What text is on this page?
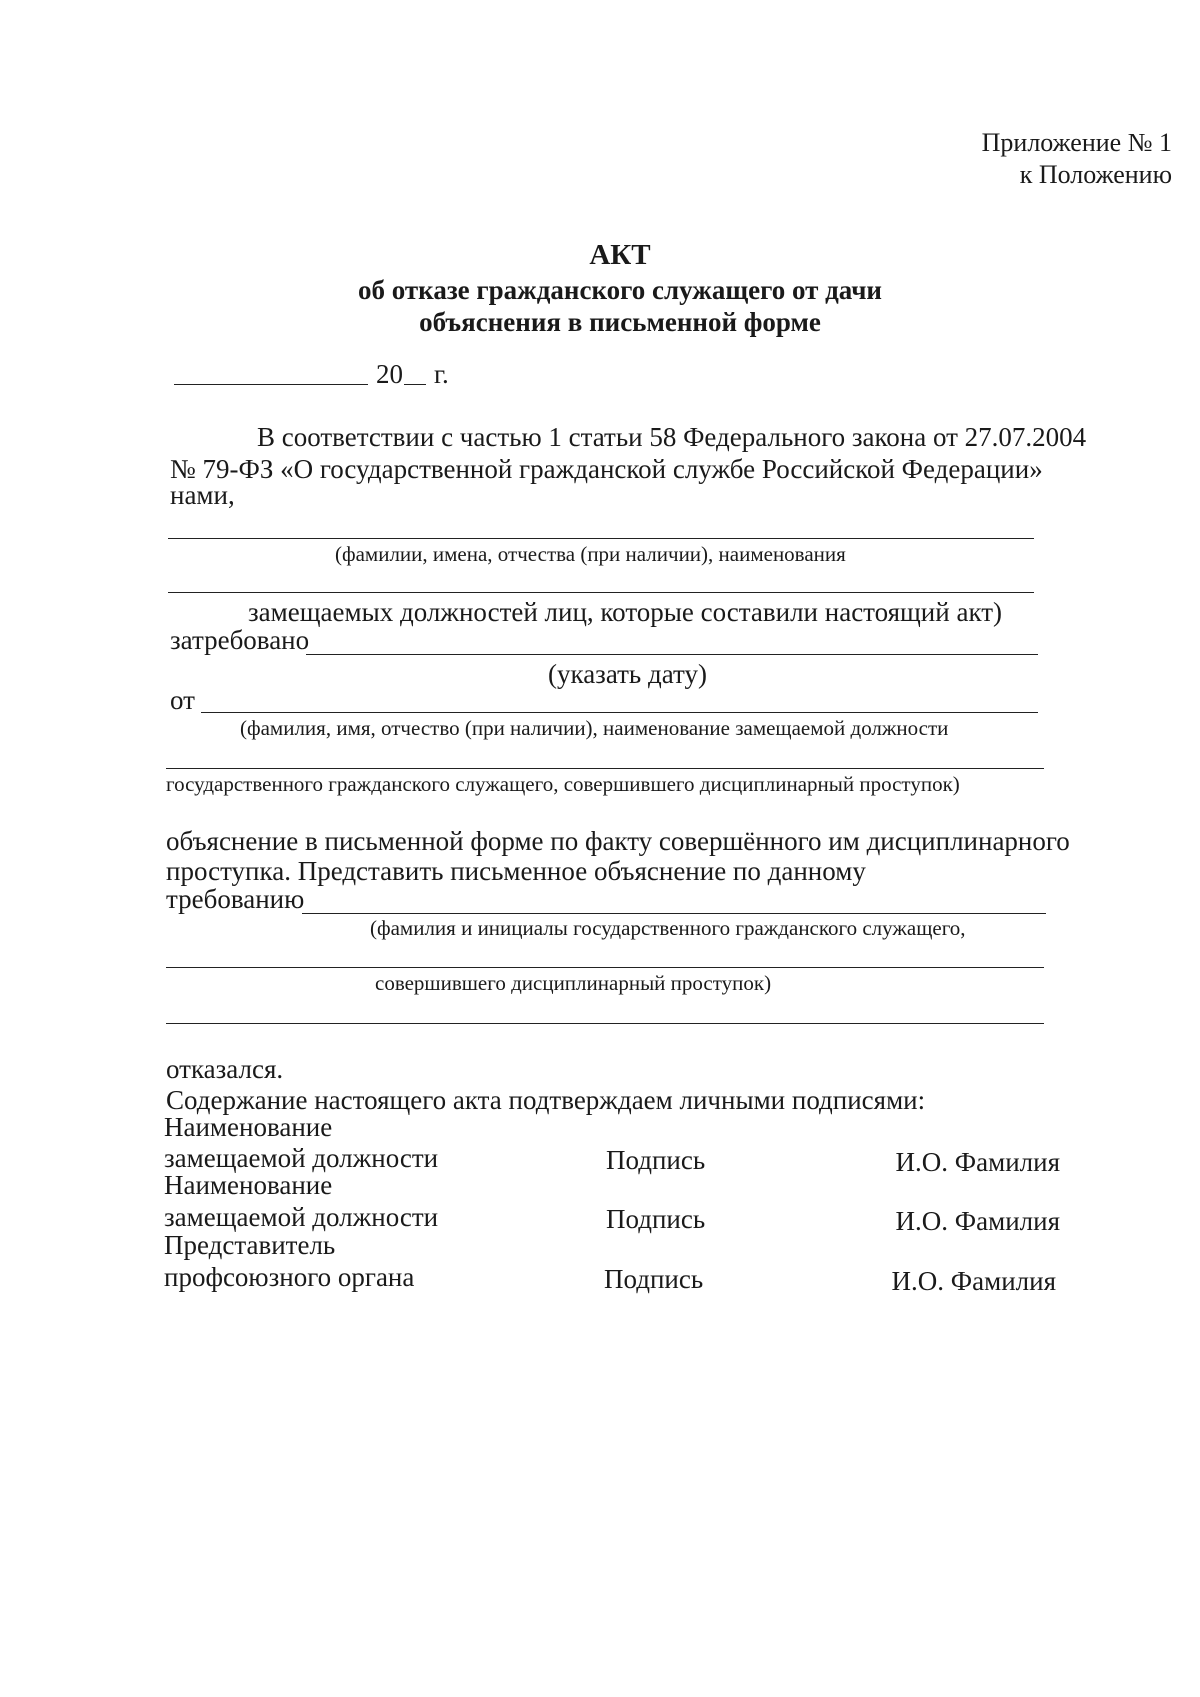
Приложение № 1
к Положению
АКТ
об отказе гражданского служащего от дачи
объяснения в письменной форме
20 г.
В соответствии с частью 1 статьи 58 Федерального закона от 27.07.2004
№ 79-ФЗ «О государственной гражданской службе Российской Федерации»
нами,
(фамилии, имена, отчества (при наличии), наименования
замещаемых должностей лиц, которые составили настоящий акт)
затребовано
(указать дату)
от
(фамилия, имя, отчество (при наличии), наименование замещаемой должности
государственного гражданского служащего, совершившего дисциплинарный проступок)
объяснение в письменной форме по факту совершённого им дисциплинарного
проступка. Представить письменное объяснение по данному
требованию
(фамилия и инициалы государственного гражданского служащего,
совершившего дисциплинарный проступок)
отказался.
Содержание настоящего акта подтверждаем личными подписями:
Наименование
замещаемой должности	Подпись	И.О. Фамилия
Наименование
замещаемой должности	Подпись	И.О. Фамилия
Представитель
профсоюзного органа	Подпись	И.О. Фамилия
